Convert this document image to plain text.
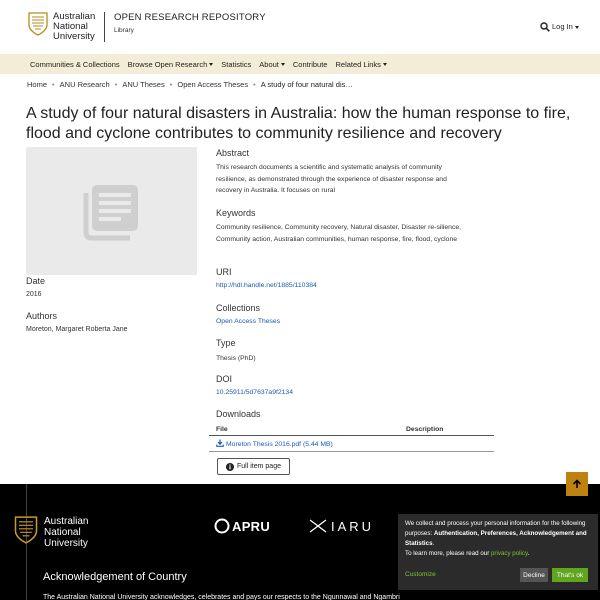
Australian
National
University
OPEN RESEARCH REPOSITORY
Library	Log In
Communities & Collections Browse Open Research	Statistics About	Contribute Related Links
Home • ANU Research • ANU Theses • Open Access Theses • A study of four natural dis…
A study of four natural disasters in Australia: how the human response to fire, flood and cyclone contributes to community resilience and recovery
Date
2016
Authors
Moreton, Margaret Roberta Jane
Abstract
This research documents a scientific and systematic analysis of community resilience, as demonstrated through the experience of disaster response and recovery in Australia. It focuses on rural
Keywords
Community resilience, Community recovery, Natural disaster, Disaster re-silience, Community action, Australian communities, human response, fire, flood, cyclone
URI
http://hdl.handle.net/1885/110384
Collections
Open Access Theses
Type
Thesis (PhD)
DOI
10.25911/5d7637a9f2134
Downloads
File	Description
Moreton Thesis 2016.pdf (5.44 MB)
Full item page
Australian
National
University
APRU	IARU
Acknowledgement of Country
The Australian National University acknowledges, celebrates and pays our respects to the Ngunnawal and Ngambri
We collect and process your personal information for the following purposes: Authentication, Preferences, Acknowledgement and Statistics.
To learn more, please read our privacy policy.
Customize	Decline	That's ok
